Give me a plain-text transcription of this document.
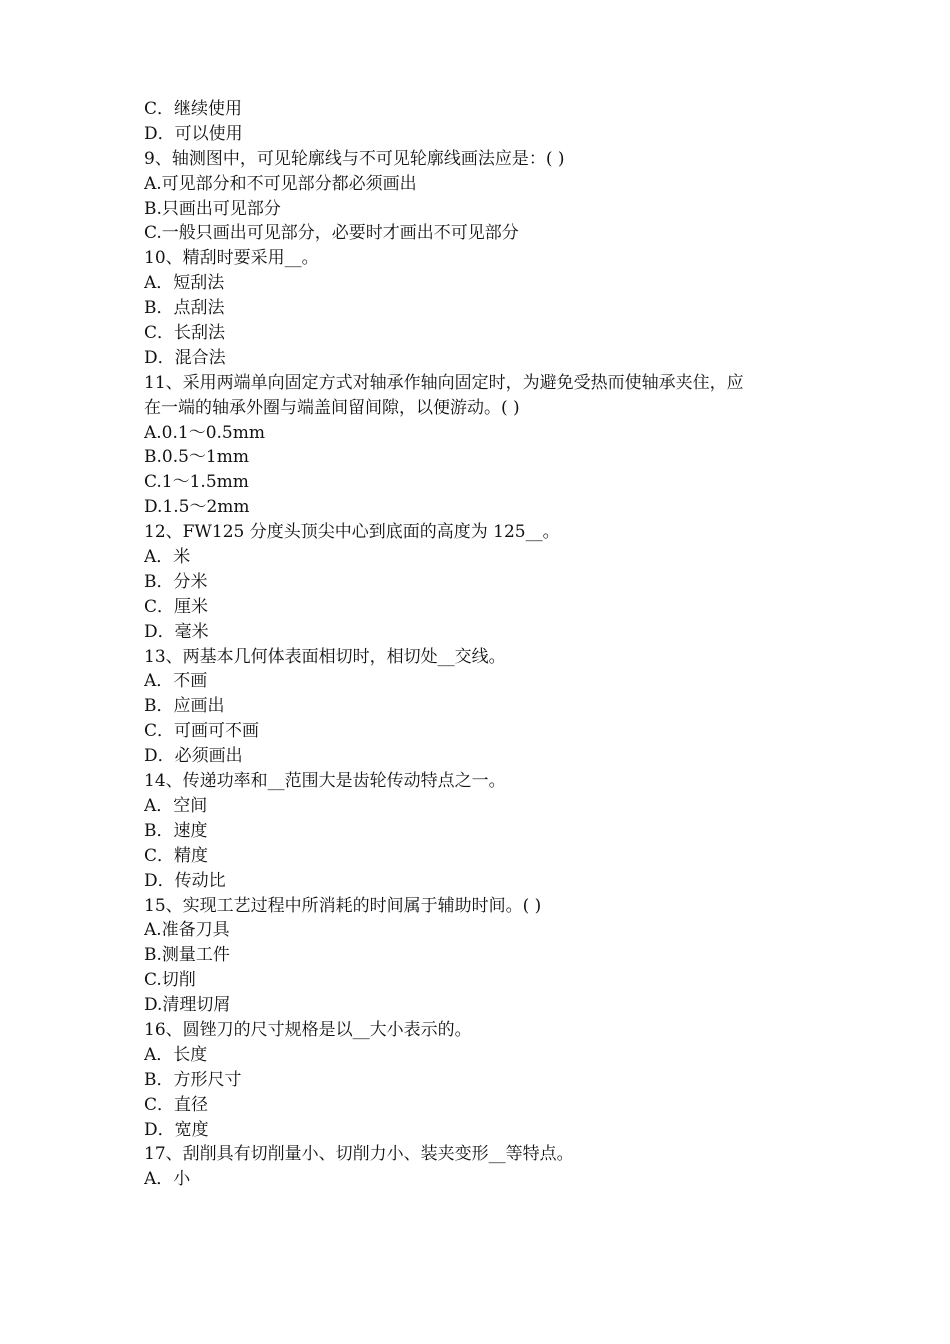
C．继续使用
D．可以使用
9、轴测图中，可见轮廓线与不可见轮廓线画法应是：( )
A.可见部分和不可见部分都必须画出
B.只画出可见部分
C.一般只画出可见部分，必要时才画出不可见部分
10、精刮时要采用__。
A．短刮法
B．点刮法
C．长刮法
D．混合法
11、采用两端单向固定方式对轴承作轴向固定时，为避免受热而使轴承夹住，应
在一端的轴承外圈与端盖间留间隙，以便游动。( )
A.0.1～0.5mm
B.0.5～1mm
C.1～1.5mm
D.1.5～2mm
12、FW125 分度头顶尖中心到底面的高度为 125__。
A．米
B．分米
C．厘米
D．毫米
13、两基本几何体表面相切时，相切处__交线。
A．不画
B．应画出
C．可画可不画
D．必须画出
14、传递功率和__范围大是齿轮传动特点之一。
A．空间
B．速度
C．精度
D．传动比
15、实现工艺过程中所消耗的时间属于辅助时间。( )
A.准备刀具
B.测量工件
C.切削
D.清理切屑
16、圆锉刀的尺寸规格是以__大小表示的。
A．长度
B．方形尺寸
C．直径
D．宽度
17、刮削具有切削量小、切削力小、装夹变形__等特点。
A．小
